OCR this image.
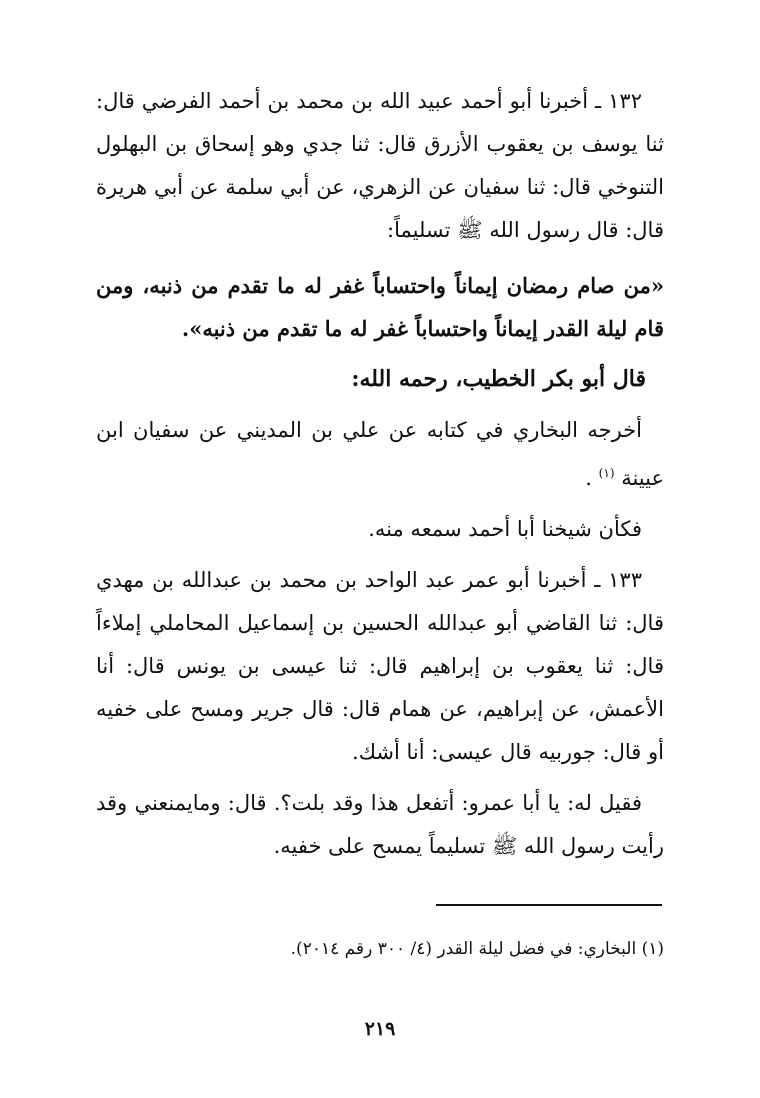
١٣٢ ـ أخبرنا أبو أحمد عبيد الله بن محمد بن أحمد الفرضي قال: ثنا يوسف بن يعقوب الأزرق قال: ثنا جدي وهو إسحاق بن البهلول التنوخي قال: ثنا سفيان عن الزهري، عن أبي سلمة عن أبي هريرة قال: قال رسول الله ﷺ تسليماً:

«من صام رمضان إيماناً واحتساباً غفر له ما تقدم من ذنبه، ومن قام ليلة القدر إيماناً واحتساباً غفر له ما تقدم من ذنبه».

قال أبو بكر الخطيب، رحمه الله:

أخرجه البخاري في كتابه عن علي بن المديني عن سفيان ابن عيينة $^{(١)}$ .

فكأن شيخنا أبا أحمد سمعه منه.

١٣٣ ـ أخبرنا أبو عمر عبد الواحد بن محمد بن عبدالله بن مهدي قال: ثنا القاضي أبو عبدالله الحسين بن إسماعيل المحاملي إملاءاً قال: ثنا يعقوب بن إبراهيم قال: ثنا عيسى بن يونس قال: أنا الأعمش، عن إبراهيم، عن همام قال: قال جرير ومسح على خفيه أو قال: جوربيه قال عيسى: أنا أشك.

فقيل له: يا أبا عمرو: أتفعل هذا وقد بلت؟. قال: ومايمنعني وقد رأيت رسول الله ﷺ تسليماً يمسح على خفيه.

(١) البخاري: في فضل ليلة القدر (٤/ ٣٠٠ رقم ٢٠١٤).
٢١٩
